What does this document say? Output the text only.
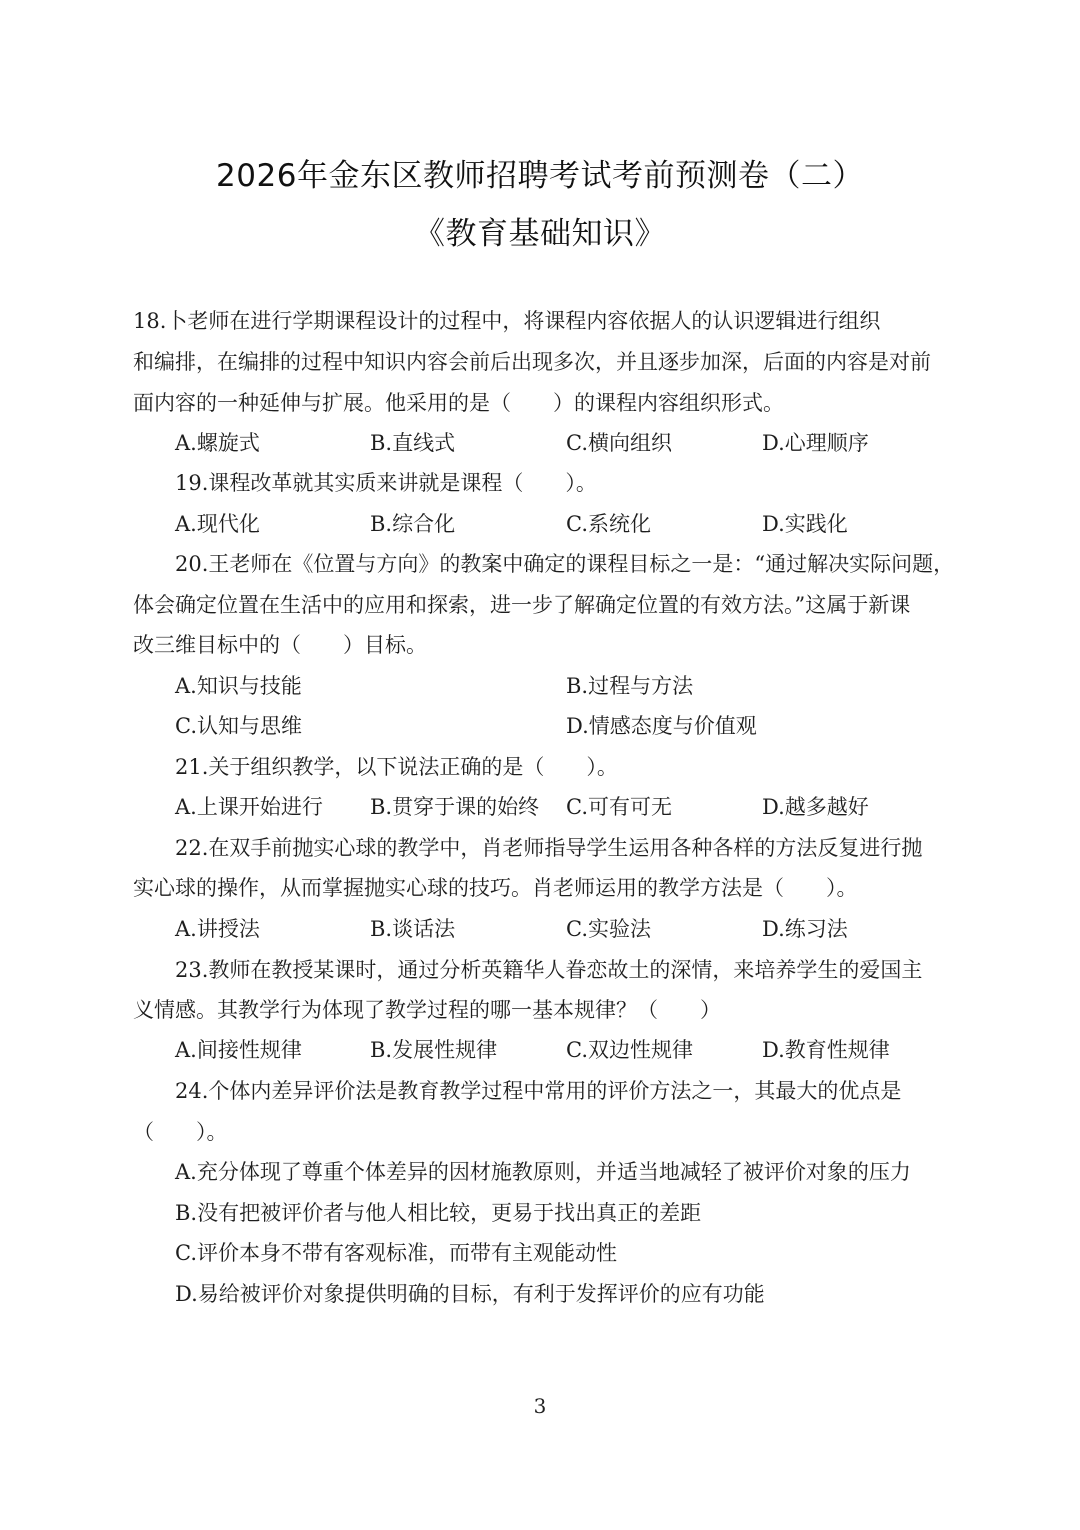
2026年金东区教师招聘考试考前预测卷（二）
《教育基础知识》
18.卜老师在进行学期课程设计的过程中，将课程内容依据人的认识逻辑进行组织
和编排，在编排的过程中知识内容会前后出现多次，并且逐步加深，后面的内容是对前
面内容的一种延伸与扩展。他采用的是（　　）的课程内容组织形式。
A.螺旋式	B.直线式	C.横向组织	D.心理顺序
19.课程改革就其实质来讲就是课程（　　）。
A.现代化	B.综合化	C.系统化	D.实践化
20.王老师在《位置与方向》的教案中确定的课程目标之一是：“通过解决实际问题，
体会确定位置在生活中的应用和探索，进一步了解确定位置的有效方法。”这属于新课
改三维目标中的（　　）目标。
A.知识与技能	B.过程与方法
C.认知与思维	D.情感态度与价值观
21.关于组织教学，以下说法正确的是（　　）。
A.上课开始进行 B.贯穿于课的始终 C.可有可无	D.越多越好
22.在双手前抛实心球的教学中，肖老师指导学生运用各种各样的方法反复进行抛
实心球的操作，从而掌握抛实心球的技巧。肖老师运用的教学方法是（　　）。
A.讲授法	B.谈话法	C.实验法	D.练习法
23.教师在教授某课时，通过分析英籍华人眷恋故土的深情，来培养学生的爱国主
义情感。其教学行为体现了教学过程的哪一基本规律？（　　）
A.间接性规律	B.发展性规律	C.双边性规律	D.教育性规律
24.个体内差异评价法是教育教学过程中常用的评价方法之一，其最大的优点是
（　　）。
A.充分体现了尊重个体差异的因材施教原则，并适当地减轻了被评价对象的压力
B.没有把被评价者与他人相比较，更易于找出真正的差距
C.评价本身不带有客观标准，而带有主观能动性
D.易给被评价对象提供明确的目标，有利于发挥评价的应有功能
3
